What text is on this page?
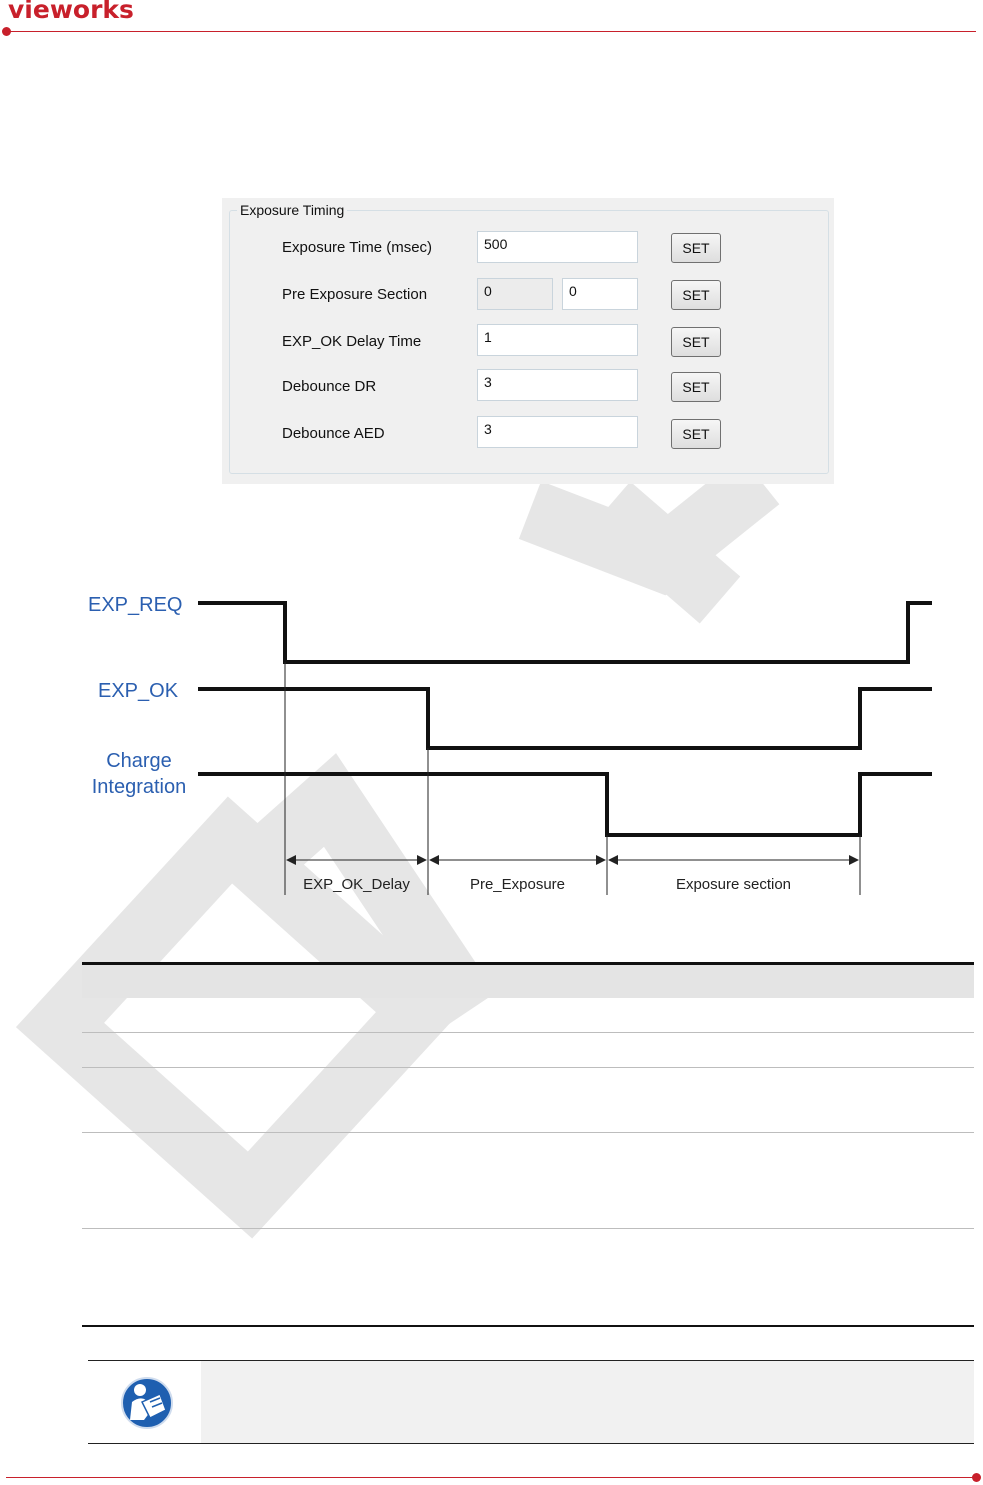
vieworks
Exposure Timing
Exposure Time (msec)	500	SET
Pre Exposure Section	0	0	SET
EXP_OK Delay Time	1	SET
Debounce DR	3	SET
Debounce AED	3	SET
EXP_REQ
EXP_OK
Charge Integration
EXP_OK_Delay	Pre_Exposure	Exposure section
